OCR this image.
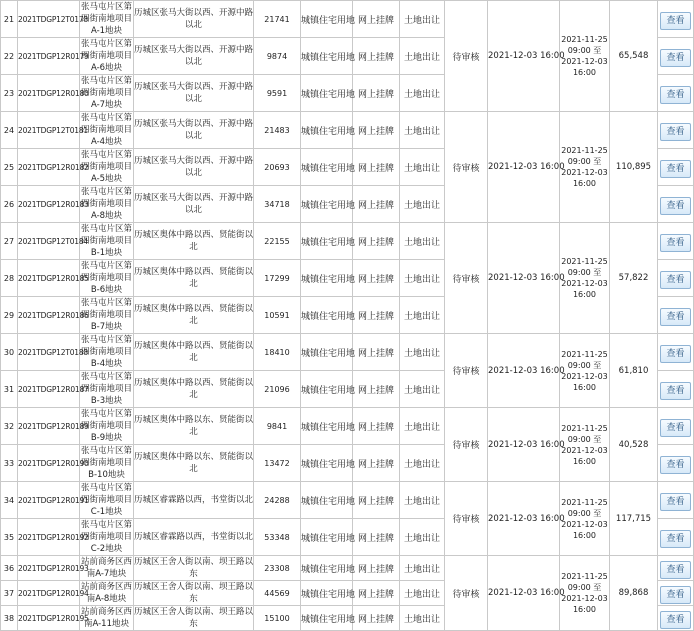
21	2021TDGP12T0178	张马屯片区第四街南地项目A-1地块	历城区张马大街以西、开源中路以北	21741	城镇住宅用地	网上挂牌	土地出让	待审核	2021-12-03 16:00	2021-11-25
09:00 至
2021-12-03
16:00	65,548	查看
22	2021TDGP12R0179	张马屯片区第四街南地项目A-6地块	历城区张马大街以西、开源中路以北	9874	城镇住宅用地	网上挂牌	土地出让					查看
23	2021TDGP12R0180	张马屯片区第四街南地项目A-7地块	历城区张马大街以西、开源中路以北	9591	城镇住宅用地	网上挂牌	土地出让					查看
24	2021TDGP12T0181	张马屯片区第四街南地项目A-4地块	历城区张马大街以西、开源中路以北	21483	城镇住宅用地	网上挂牌	土地出让	待审核	2021-12-03 16:00	2021-11-25
09:00 至
2021-12-03
16:00	110,895	查看
25	2021TDGP12R0182	张马屯片区第四街南地项目A-5地块	历城区张马大街以西、开源中路以北	20693	城镇住宅用地	网上挂牌	土地出让					查看
26	2021TDGP12R0183	张马屯片区第四街南地项目A-8地块	历城区张马大街以西、开源中路以北	34718	城镇住宅用地	网上挂牌	土地出让					查看
27	2021TDGP12T0184	张马屯片区第四街南地项目B-1地块	历城区奥体中路以西、贤能街以北	22155	城镇住宅用地	网上挂牌	土地出让	待审核	2021-12-03 16:00	2021-11-25
09:00 至
2021-12-03
16:00	57,822	查看
28	2021TDGP12R0185	张马屯片区第四街南地项目B-6地块	历城区奥体中路以西、贤能街以北	17299	城镇住宅用地	网上挂牌	土地出让					查看
29	2021TDGP12R0186	张马屯片区第四街南地项目B-7地块	历城区奥体中路以西、贤能街以北	10591	城镇住宅用地	网上挂牌	土地出让					查看
30	2021TDGP12T0188	张马屯片区第四街南地项目B-4地块	历城区奥体中路以西、贤能街以北	18410	城镇住宅用地	网上挂牌	土地出让	待审核	2021-12-03 16:00	2021-11-25
09:00 至
2021-12-03
16:00	61,810	查看
31	2021TDGP12R0187	张马屯片区第四街南地项目B-3地块	历城区奥体中路以西、贤能街以北	21096	城镇住宅用地	网上挂牌	土地出让					查看
32	2021TDGP12R0189	张马屯片区第四街南地项目B-9地块	历城区奥体中路以东、贤能街以北	9841	城镇住宅用地	网上挂牌	土地出让	待审核	2021-12-03 16:00	2021-11-25
09:00 至
2021-12-03
16:00	40,528	查看
33	2021TDGP12R0190	张马屯片区第四街南地项目B-10地块	历城区奥体中路以东、贤能街以北	13472	城镇住宅用地	网上挂牌	土地出让					查看
34	2021TDGP12R0191	张马屯片区第四街南地项目C-1地块	历城区睿霖路以西，书堂街以北	24288	城镇住宅用地	网上挂牌	土地出让	待审核	2021-12-03 16:00	2021-11-25
09:00 至
2021-12-03
16:00	117,715	查看
35	2021TDGP12R0192	张马屯片区第四街南地项目C-2地块	历城区睿霖路以西，书堂街以北	53348	城镇住宅用地	网上挂牌	土地出让					查看
36	2021TDGP12R0193	站前商务区西南A-7地块	历城区王舍人街以南、坝王路以东	23308	城镇住宅用地	网上挂牌	土地出让	待审核	2021-12-03 16:00	2021-11-25
09:00 至
2021-12-03
16:00	89,868	查看
37	2021TDGP12R0194	站前商务区西南A-8地块	历城区王舍人街以南、坝王路以东	44569	城镇住宅用地	网上挂牌	土地出让					查看
38	2021TDGP12R0195	站前商务区西南A-11地块	历城区王舍人街以南、坝王路以东	15100	城镇住宅用地	网上挂牌	土地出让					查看
